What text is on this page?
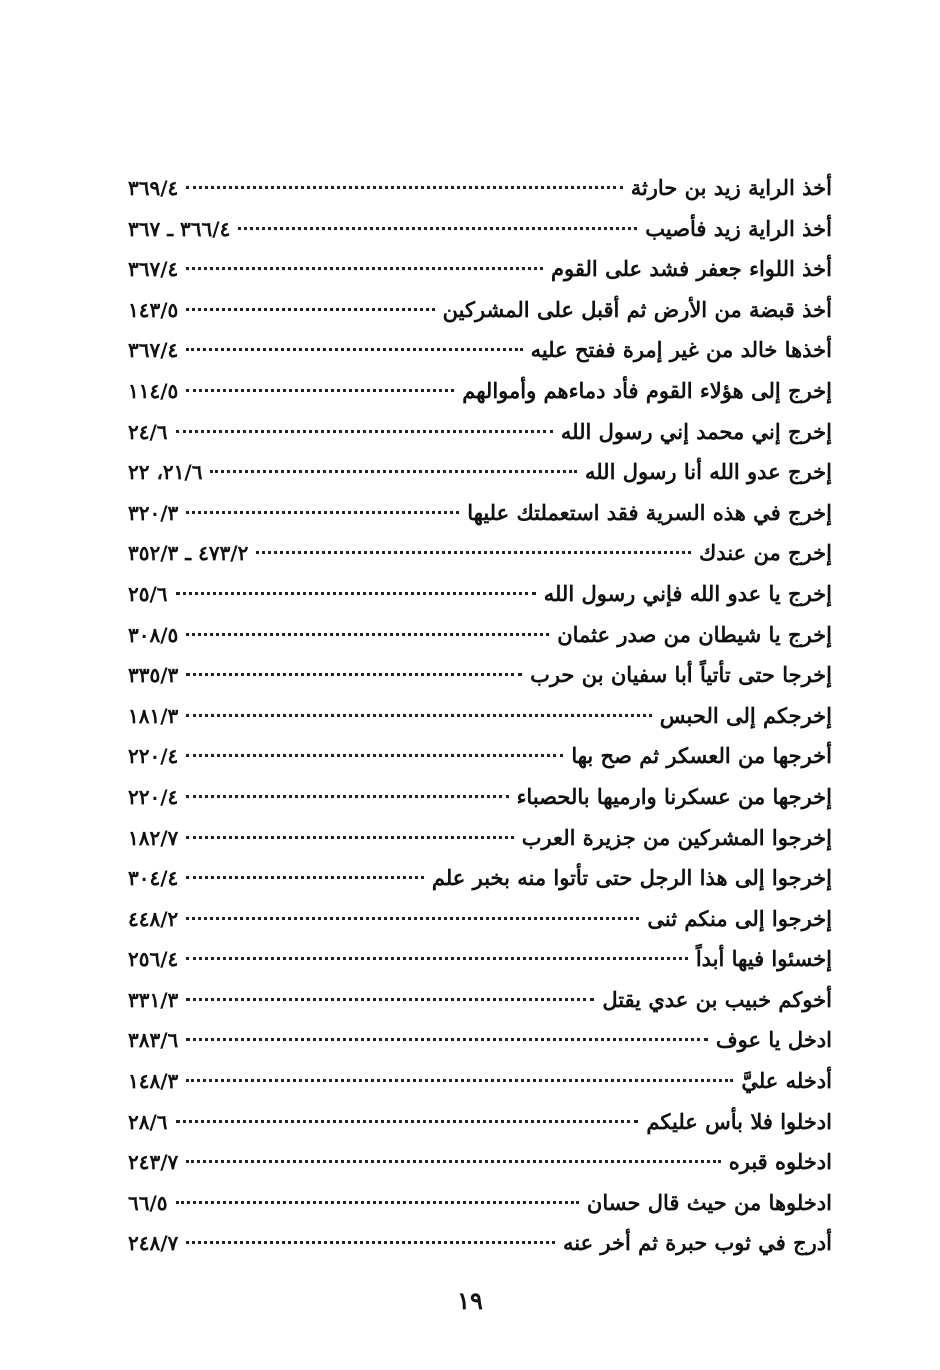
أخذ الراية زيد بن حارثة
٣٦٩/٤
أخذ الراية زيد فأصيب
٣٦٦/٤ ـ ٣٦٧
أخذ اللواء جعفر فشد على القوم
٣٦٧/٤
أخذ قبضة من الأرض ثم أقبل على المشركين
١٤٣/٥
أخذها خالد من غير إمرة ففتح عليه
٣٦٧/٤
إخرج إلى هؤلاء القوم فأد دماءهم وأموالهم
١١٤/٥
إخرج إني محمد إني رسول الله
٢٤/٦
إخرج عدو الله أنا رسول الله
٢١/٦، ٢٢
إخرج في هذه السرية فقد استعملتك عليها
٣٢٠/٣
إخرج من عندك
٤٧٣/٢ ـ ٣٥٢/٣
إخرج يا عدو الله فإني رسول الله
٢٥/٦
إخرج يا شيطان من صدر عثمان
٣٠٨/٥
إخرجا حتى تأتياً أبا سفيان بن حرب
٣٣٥/٣
إخرجكم إلى الحبس
١٨١/٣
أخرجها من العسكر ثم صح بها
٢٢٠/٤
إخرجها من عسكرنا وارميها بالحصباء
٢٢٠/٤
إخرجوا المشركين من جزيرة العرب
١٨٢/٧
إخرجوا إلى هذا الرجل حتى تأتوا منه بخبر علم
٣٠٤/٤
إخرجوا إلى منكم ثنى
٤٤٨/٢
إخسئوا فيها أبداً
٢٥٦/٤
أخوكم خبيب بن عدي يقتل
٣٣١/٣
ادخل يا عوف
٣٨٣/٦
أدخله عليَّ
١٤٨/٣
ادخلوا فلا بأس عليكم
٢٨/٦
ادخلوه قبره
٢٤٣/٧
ادخلوها من حيث قال حسان
٦٦/٥
أدرج في ثوب حبرة ثم أخر عنه
٢٤٨/٧
١٩
